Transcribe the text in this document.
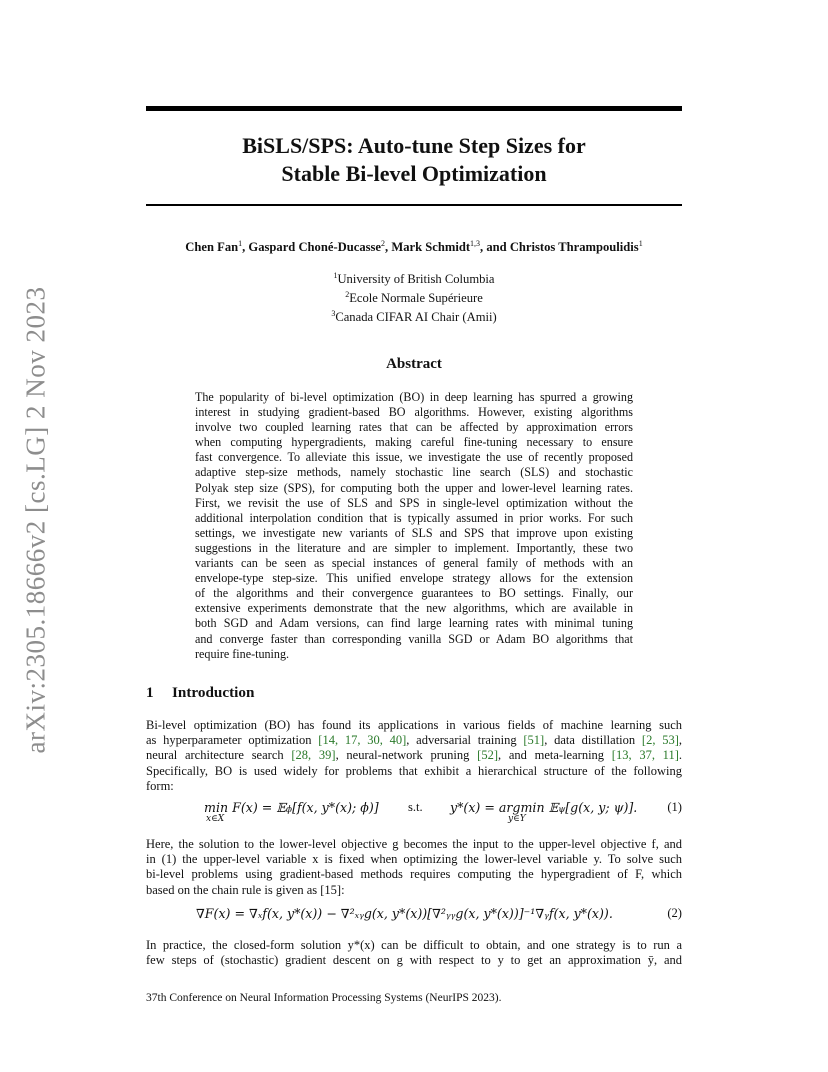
arXiv:2305.18666v2 [cs.LG] 2 Nov 2023
BiSLS/SPS: Auto-tune Step Sizes for
Stable Bi-level Optimization
Chen Fan$^1$, Gaspard Choné-Ducasse$^2$, Mark Schmidt$^{1,3}$, and Christos Thrampoulidis$^1$
$^1$University of British Columbia
$^2$Ecole Normale Supérieure
$^3$Canada CIFAR AI Chair (Amii)
Abstract
The popularity of bi-level optimization (BO) in deep learning has spurred a growing
interest in studying gradient-based BO algorithms. However, existing algorithms
involve two coupled learning rates that can be affected by approximation errors
when computing hypergradients, making careful fine-tuning necessary to ensure
fast convergence. To alleviate this issue, we investigate the use of recently proposed
adaptive step-size methods, namely stochastic line search (SLS) and stochastic
Polyak step size (SPS), for computing both the upper and lower-level learning rates.
First, we revisit the use of SLS and SPS in single-level optimization without the
additional interpolation condition that is typically assumed in prior works. For such
settings, we investigate new variants of SLS and SPS that improve upon existing
suggestions in the literature and are simpler to implement. Importantly, these two
variants can be seen as special instances of general family of methods with an
envelope-type step-size. This unified envelope strategy allows for the extension
of the algorithms and their convergence guarantees to BO settings. Finally, our
extensive experiments demonstrate that the new algorithms, which are available in
both SGD and Adam versions, can find large learning rates with minimal tuning
and converge faster than corresponding vanilla SGD or Adam BO algorithms that
require fine-tuning.
1 Introduction
Bi-level optimization (BO) has found its applications in various fields of machine learning such
as hyperparameter optimization [14, 17, 30, 40], adversarial training [51], data distillation [2, 53],
neural architecture search [28, 39], neural-network pruning [52], and meta-learning [13, 37, 11].
Specifically, BO is used widely for problems that exhibit a hierarchical structure of the following
form:
min F(x) = 𝔼ϕ[f(x, y*(x); ϕ)]
x∈X
s.t. y*(x) = argmin 𝔼ψ[g(x, y; ψ)].
y∈Y
(1)
Here, the solution to the lower-level objective g becomes the input to the upper-level objective f, and
in (1) the upper-level variable x is fixed when optimizing the lower-level variable y. To solve such
bi-level problems using gradient-based methods requires computing the hypergradient of F, which
based on the chain rule is given as [15]:
∇F(x) = ∇ₓf(x, y*(x)) − ∇²ₓᵧg(x, y*(x))[∇²ᵧᵧg(x, y*(x))]⁻¹∇ᵧf(x, y*(x)).	(2)
In practice, the closed-form solution y*(x) can be difficult to obtain, and one strategy is to run a
few steps of (stochastic) gradient descent on g with respect to y to get an approximation ȳ, and
37th Conference on Neural Information Processing Systems (NeurIPS 2023).
